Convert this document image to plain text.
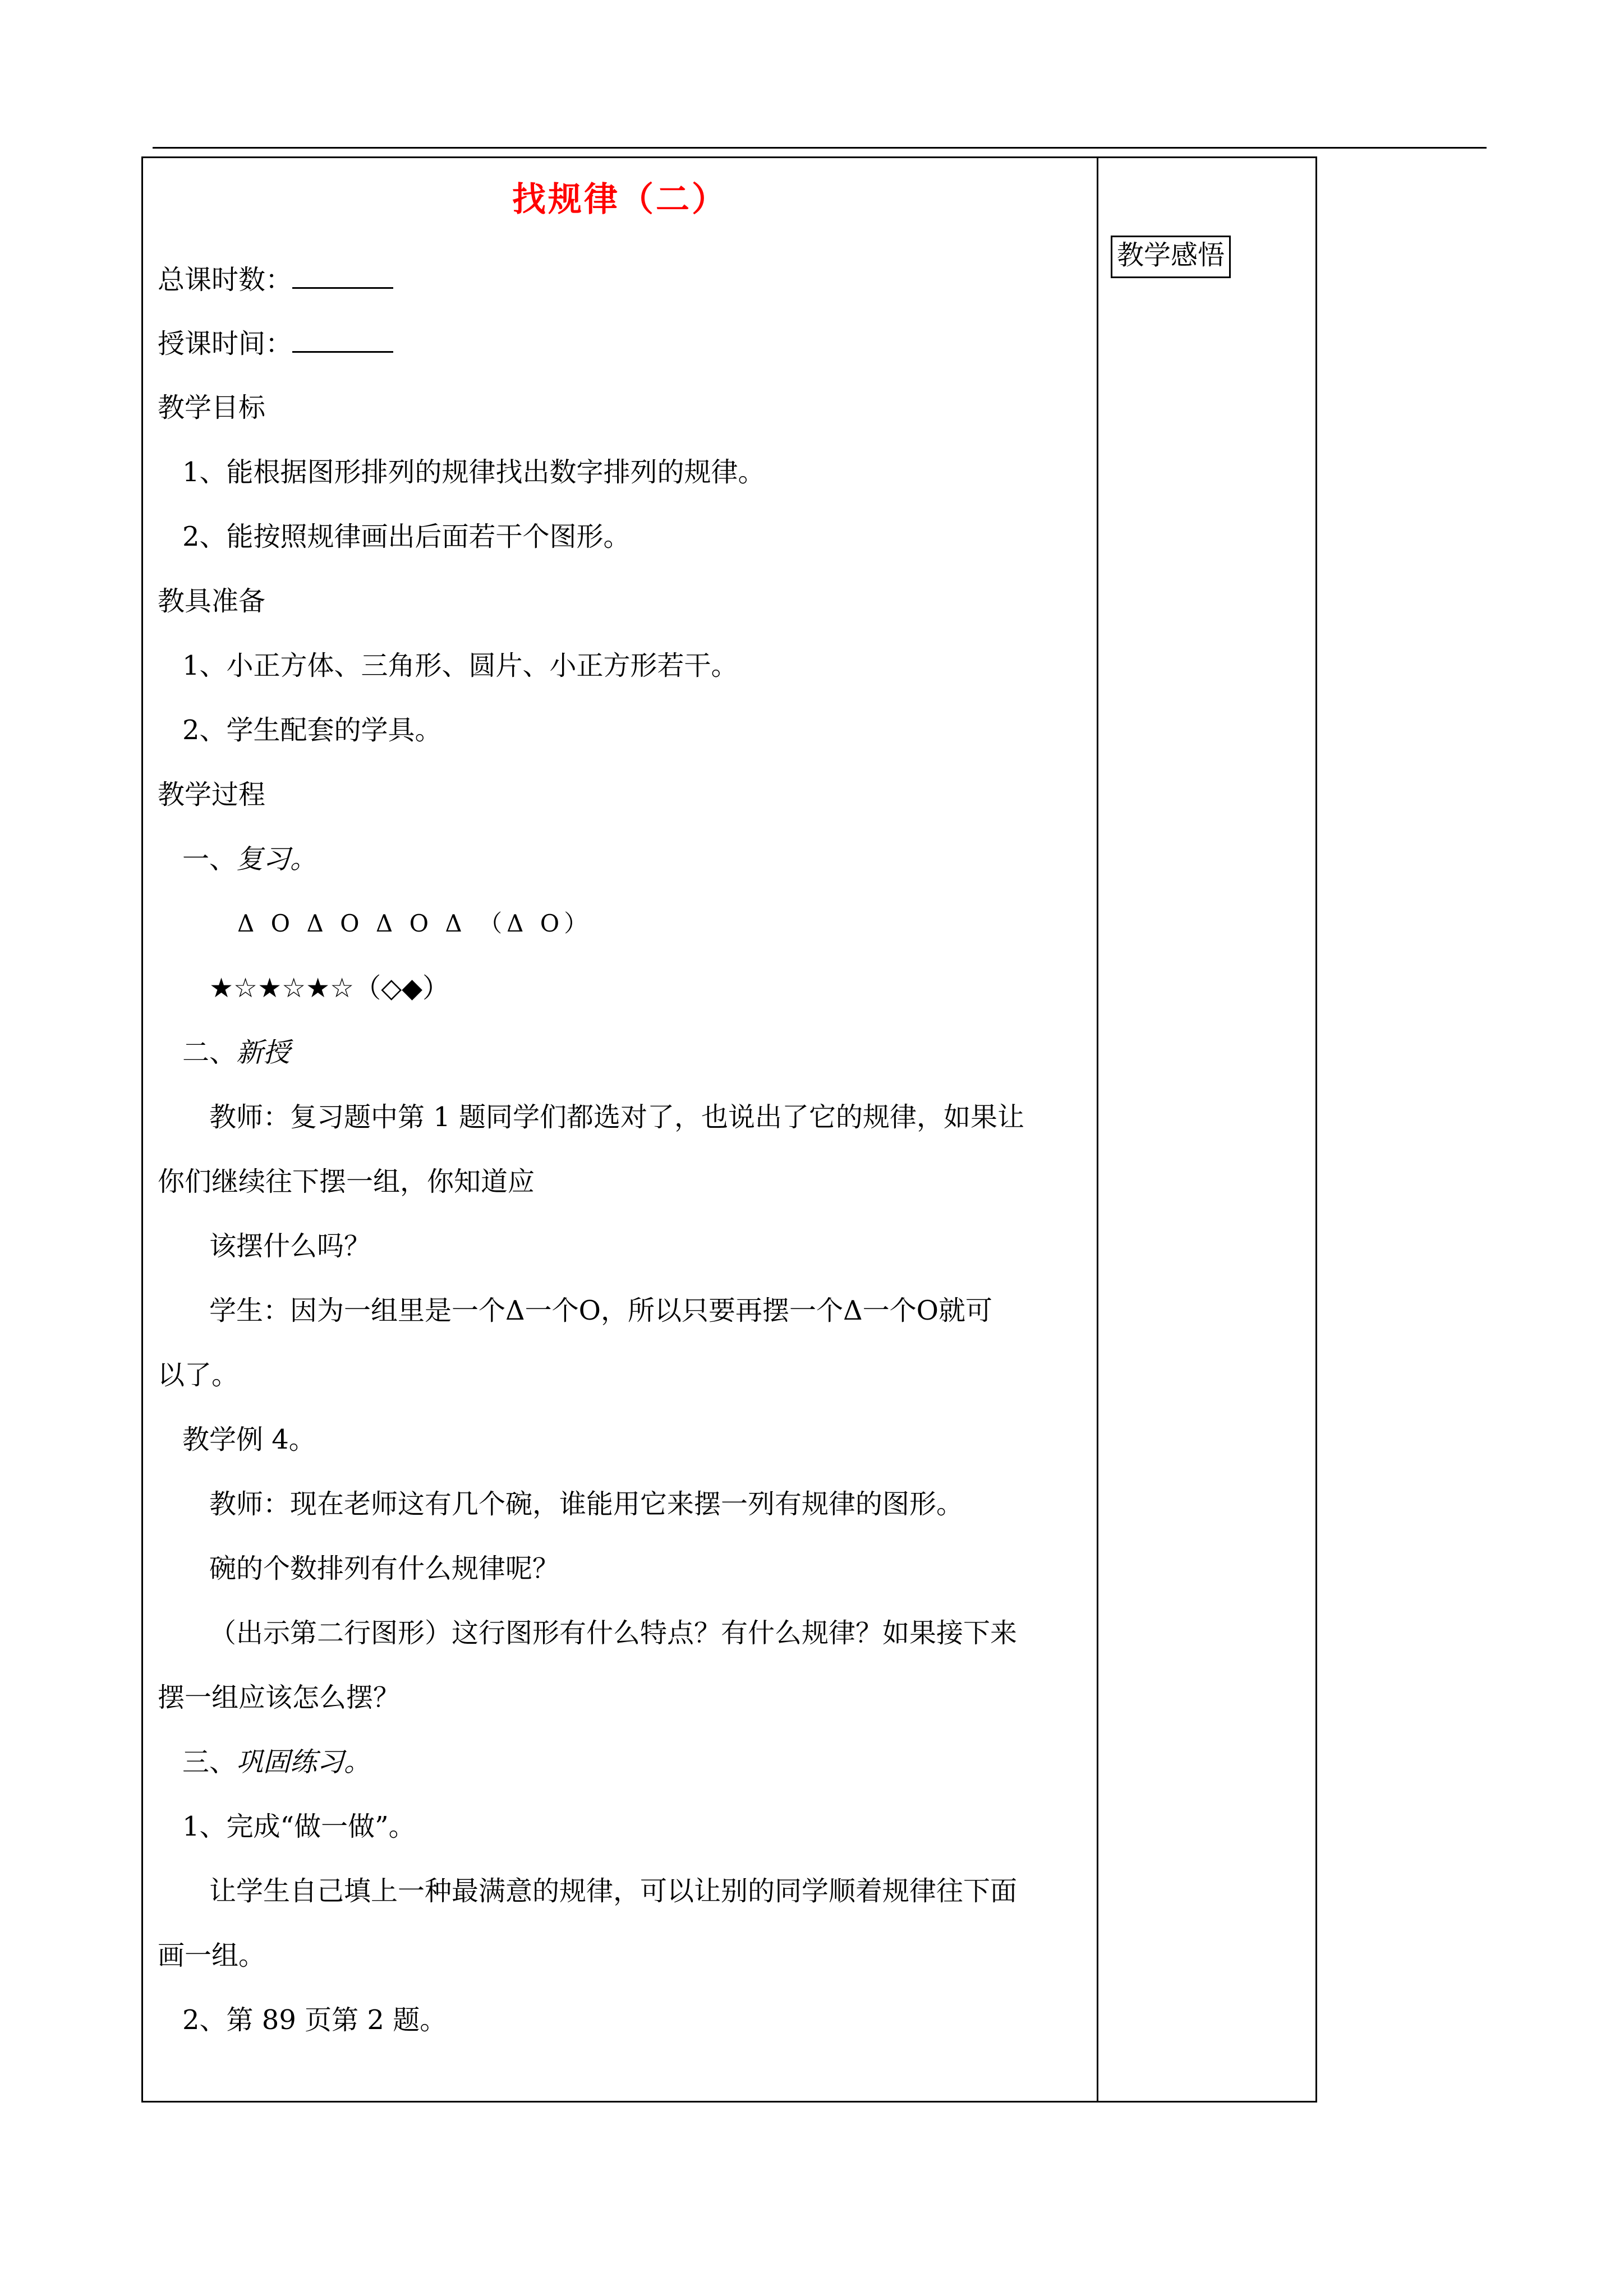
找规律（二）
总课时数：
授课时间：
教学目标
1、能根据图形排列的规律找出数字排列的规律。
2、能按照规律画出后面若干个图形。
教具准备
1、小正方体、三角形、圆片、小正方形若干。
2、学生配套的学具。
教学过程
一、复习。
Δ O Δ O Δ O Δ （Δ O）
★☆★☆★☆（◇◆）
二、新授
教师：复习题中第 1 题同学们都选对了，也说出了它的规律，如果让
你们继续往下摆一组，你知道应
该摆什么吗？
学生：因为一组里是一个Δ一个O，所以只要再摆一个Δ一个O就可
以了。
教学例 4。
教师：现在老师这有几个碗，谁能用它来摆一列有规律的图形。
碗的个数排列有什么规律呢？
（出示第二行图形）这行图形有什么特点？有什么规律？如果接下来
摆一组应该怎么摆？
三、巩固练习。
1、完成“做一做”。
让学生自己填上一种最满意的规律，可以让别的同学顺着规律往下面
画一组。
2、第 89 页第 2 题。
教学感悟
